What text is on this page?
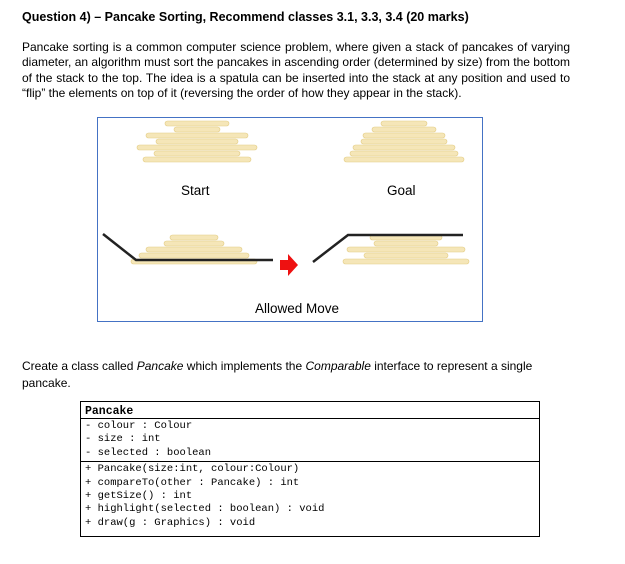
Question 4) – Pancake Sorting, Recommend classes 3.1, 3.3, 3.4 (20 marks)

Pancake sorting is a common computer science problem, where given a stack of pancakes of varying diameter, an algorithm must sort the pancakes in ascending order (determined by size) from the bottom of the stack to the top. The idea is a spatula can be inserted into the stack at any position and used to “flip” the elements on top of it (reversing the order of how they appear in the stack).

Start	Goal
Allowed Move

Create a class called Pancake which implements the Comparable interface to represent a single pancake.

Pancake
- colour : Colour
- size : int
- selected : boolean
+ Pancake(size:int, colour:Colour)
+ compareTo(other : Pancake) : int
+ getSize() : int
+ highlight(selected : boolean) : void
+ draw(g : Graphics) : void
